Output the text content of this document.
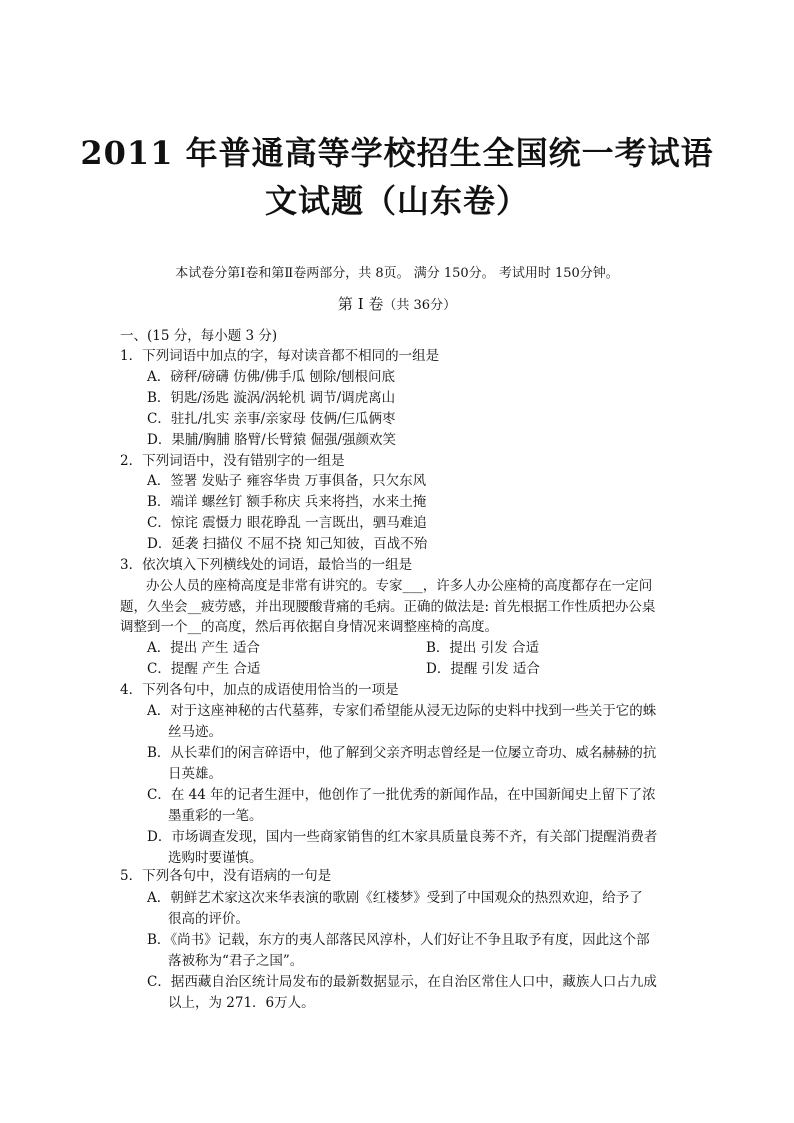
2011 年普通高等学校招生全国统一考试语
文试题（山东卷）
本试卷分第Ⅰ卷和第Ⅱ卷两部分，共 8页。 满分 150分。 考试用时 150分钟。
第 Ⅰ 卷（共 36分）
一、(15 分，每小题 3 分)
1．下列词语中加点的字，每对读音都不相同的一组是
A．磅秤/磅礴 仿佛/佛手瓜 刨除/刨根问底
B．钥匙/汤匙 漩涡/涡轮机 调节/调虎离山
C．驻扎/扎实 亲事/亲家母 伎俩/仨瓜俩枣
D．果脯/胸脯 胳臂/长臂猿 倔强/强颜欢笑
2．下列词语中，没有错别字的一组是
A．签署 发贴子 雍容华贵 万事俱备，只欠东风
B．端详 螺丝钉 额手称庆 兵来将挡，水来土掩
C．惊诧 震慑力 眼花睁乱 一言既出，驷马难追
D．延袭 扫描仪 不屈不挠 知己知彼，百战不殆
3．依次填入下列横线处的词语，最恰当的一组是
办公人员的座椅高度是非常有讲究的。专家___，许多人办公座椅的高度都存在一定问
题，久坐会__疲劳感，并出现腰酸背痛的毛病。正确的做法是: 首先根据工作性质把办公桌
调整到一个__的高度，然后再依据自身情况来调整座椅的高度。
A．提出 产生 适合	B．提出 引发 合适
C．提醒 产生 合适	D．提醒 引发 适合
4．下列各句中，加点的成语使用恰当的一项是
A．对于这座神秘的古代墓葬，专家们希望能从浸无边际的史料中找到一些关于它的蛛
丝马迹。
B．从长辈们的闲言碎语中，他了解到父亲齐明志曾经是一位屡立奇功、威名赫赫的抗
日英雄。
C．在 44 年的记者生涯中，他创作了一批优秀的新闻作品，在中国新闻史上留下了浓
墨重彩的一笔。
D．市场调查发现，国内一些商家销售的红木家具质量良莠不齐，有关部门提醒消费者
选购时要谨慎。
5．下列各句中，没有语病的一句是
A．朝鲜艺术家这次来华表演的歌剧《红楼梦》受到了中国观众的热烈欢迎，给予了
很高的评价。
B．《尚书》记载，东方的夷人部落民风淳朴，人们好让不争且取予有度，因此这个部
落被称为“君子之国”。
C．据西藏自治区统计局发布的最新数据显示，在自治区常住人口中，藏族人口占九成
以上，为 271．6万人。
